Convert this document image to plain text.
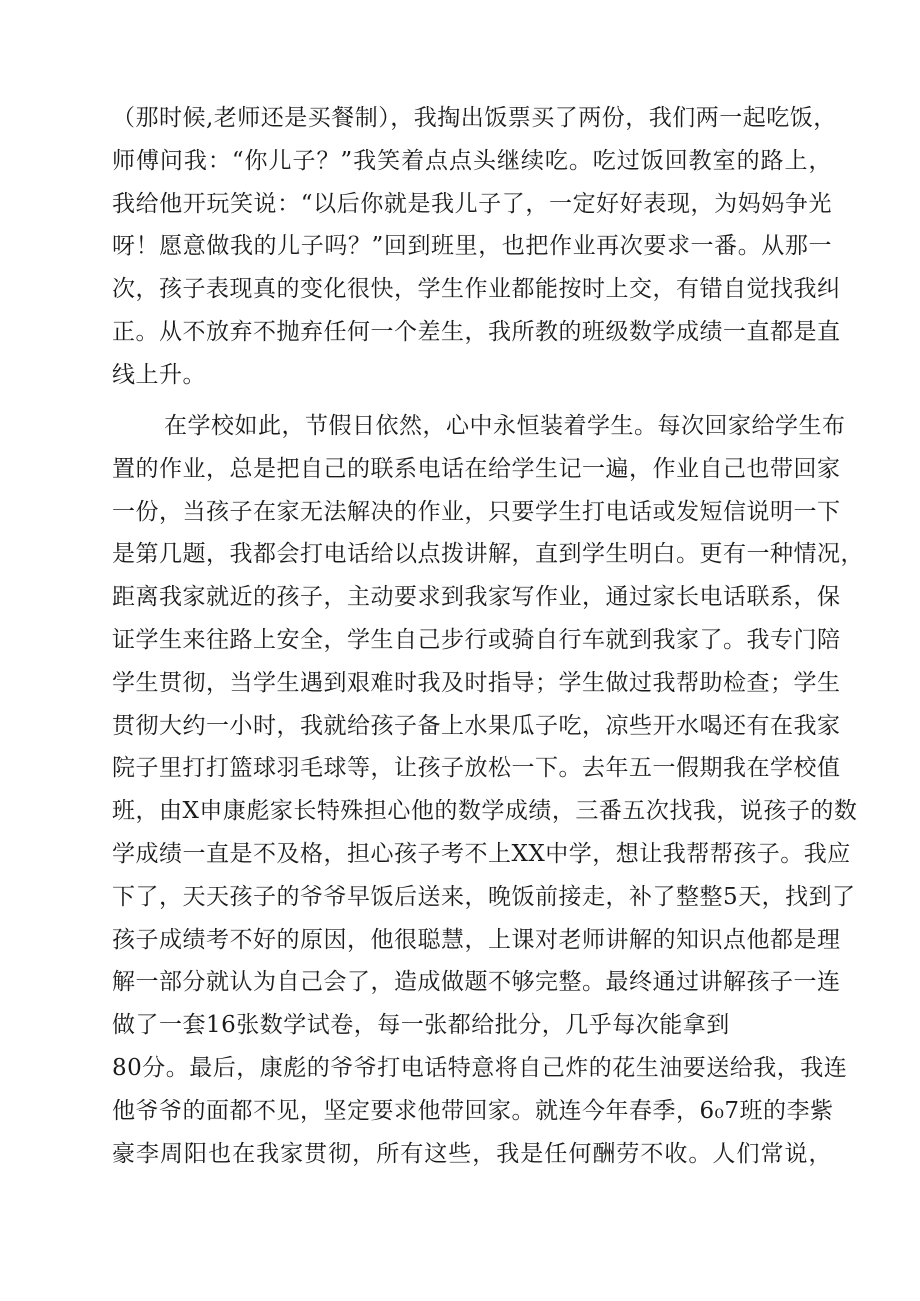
（那时候,老师还是买餐制），我掏出饭票买了两份，我们两一起吃饭，
师傅问我：“你儿子？”我笑着点点头继续吃。吃过饭回教室的路上，
我给他开玩笑说：“以后你就是我儿子了，一定好好表现，为妈妈争光
呀！愿意做我的儿子吗？”回到班里，也把作业再次要求一番。从那一
次，孩子表现真的变化很快，学生作业都能按时上交，有错自觉找我纠
正。从不放弃不抛弃任何一个差生，我所教的班级数学成绩一直都是直
线上升。
在学校如此，节假日依然，心中永恒装着学生。每次回家给学生布
置的作业，总是把自己的联系电话在给学生记一遍，作业自己也带回家
一份，当孩子在家无法解决的作业，只要学生打电话或发短信说明一下
是第几题，我都会打电话给以点拨讲解，直到学生明白。更有一种情况，
距离我家就近的孩子，主动要求到我家写作业，通过家长电话联系，保
证学生来往路上安全，学生自己步行或骑自行车就到我家了。我专门陪
学生贯彻，当学生遇到艰难时我及时指导；学生做过我帮助检查；学生
贯彻大约一小时，我就给孩子备上水果瓜子吃，凉些开水喝还有在我家
院子里打打篮球羽毛球等，让孩子放松一下。去年五一假期我在学校值
班，由X申康彪家长特殊担心他的数学成绩，三番五次找我，说孩子的数
学成绩一直是不及格，担心孩子考不上XX中学，想让我帮帮孩子。我应
下了，天天孩子的爷爷早饭后送来，晚饭前接走，补了整整5天，找到了
孩子成绩考不好的原因，他很聪慧，上课对老师讲解的知识点他都是理
解一部分就认为自己会了，造成做题不够完整。最终通过讲解孩子一连
做了一套16张数学试卷，每一张都给批分，几乎每次能拿到
80分。最后，康彪的爷爷打电话特意将自己炸的花生油要送给我，我连
他爷爷的面都不见，坚定要求他带回家。就连今年春季，6₀7班的李紫
豪李周阳也在我家贯彻，所有这些，我是任何酬劳不收。人们常说，
